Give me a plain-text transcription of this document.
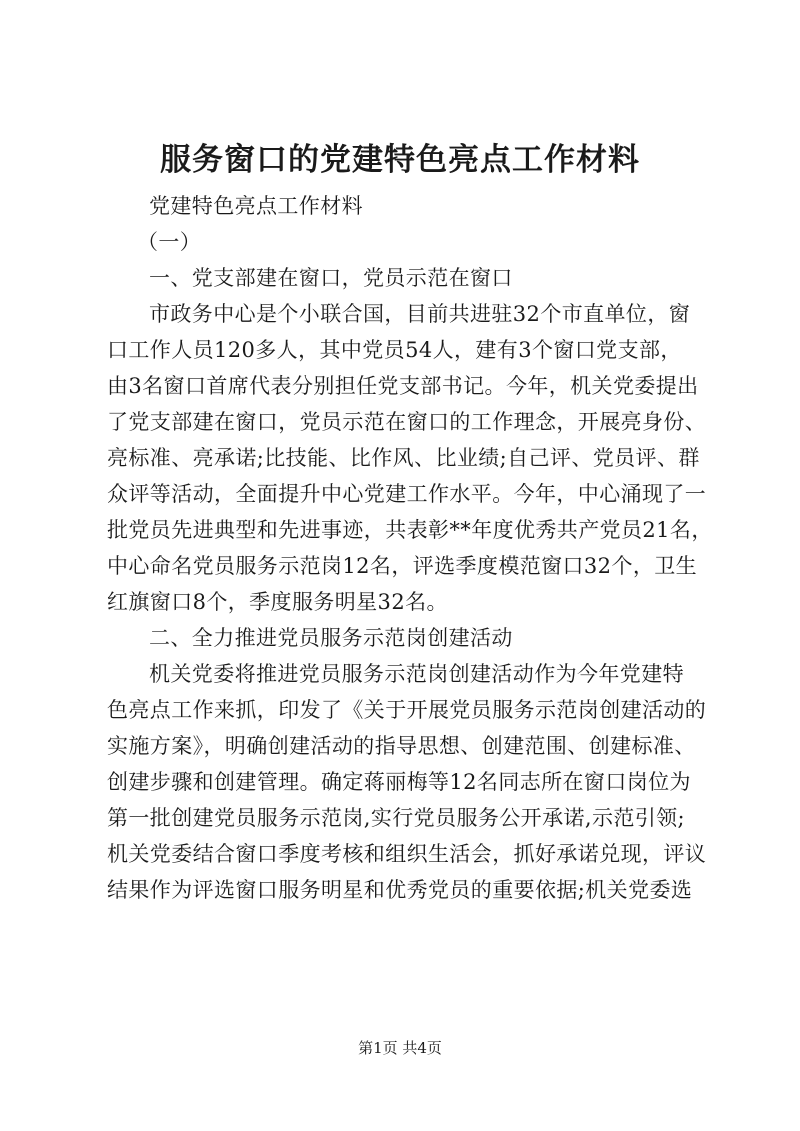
服务窗口的党建特色亮点工作材料
党建特色亮点工作材料
（一）
一、党支部建在窗口，党员示范在窗口
市政务中心是个小联合国，目前共进驻32个市直单位，窗
口工作人员120多人，其中党员54人，建有3个窗口党支部，
由3名窗口首席代表分别担任党支部书记。今年，机关党委提出
了党支部建在窗口，党员示范在窗口的工作理念，开展亮身份、
亮标准、亮承诺;比技能、比作风、比业绩;自己评、党员评、群
众评等活动，全面提升中心党建工作水平。今年，中心涌现了一
批党员先进典型和先进事迹，共表彰**年度优秀共产党员21名，
中心命名党员服务示范岗12名，评选季度模范窗口32个，卫生
红旗窗口8个，季度服务明星32名。
二、全力推进党员服务示范岗创建活动
机关党委将推进党员服务示范岗创建活动作为今年党建特
色亮点工作来抓，印发了《关于开展党员服务示范岗创建活动的
实施方案》，明确创建活动的指导思想、创建范围、创建标准、
创建步骤和创建管理。确定蒋丽梅等12名同志所在窗口岗位为
第一批创建党员服务示范岗,实行党员服务公开承诺,示范引领;
机关党委结合窗口季度考核和组织生活会，抓好承诺兑现，评议
结果作为评选窗口服务明星和优秀党员的重要依据;机关党委选
第1页 共4页
